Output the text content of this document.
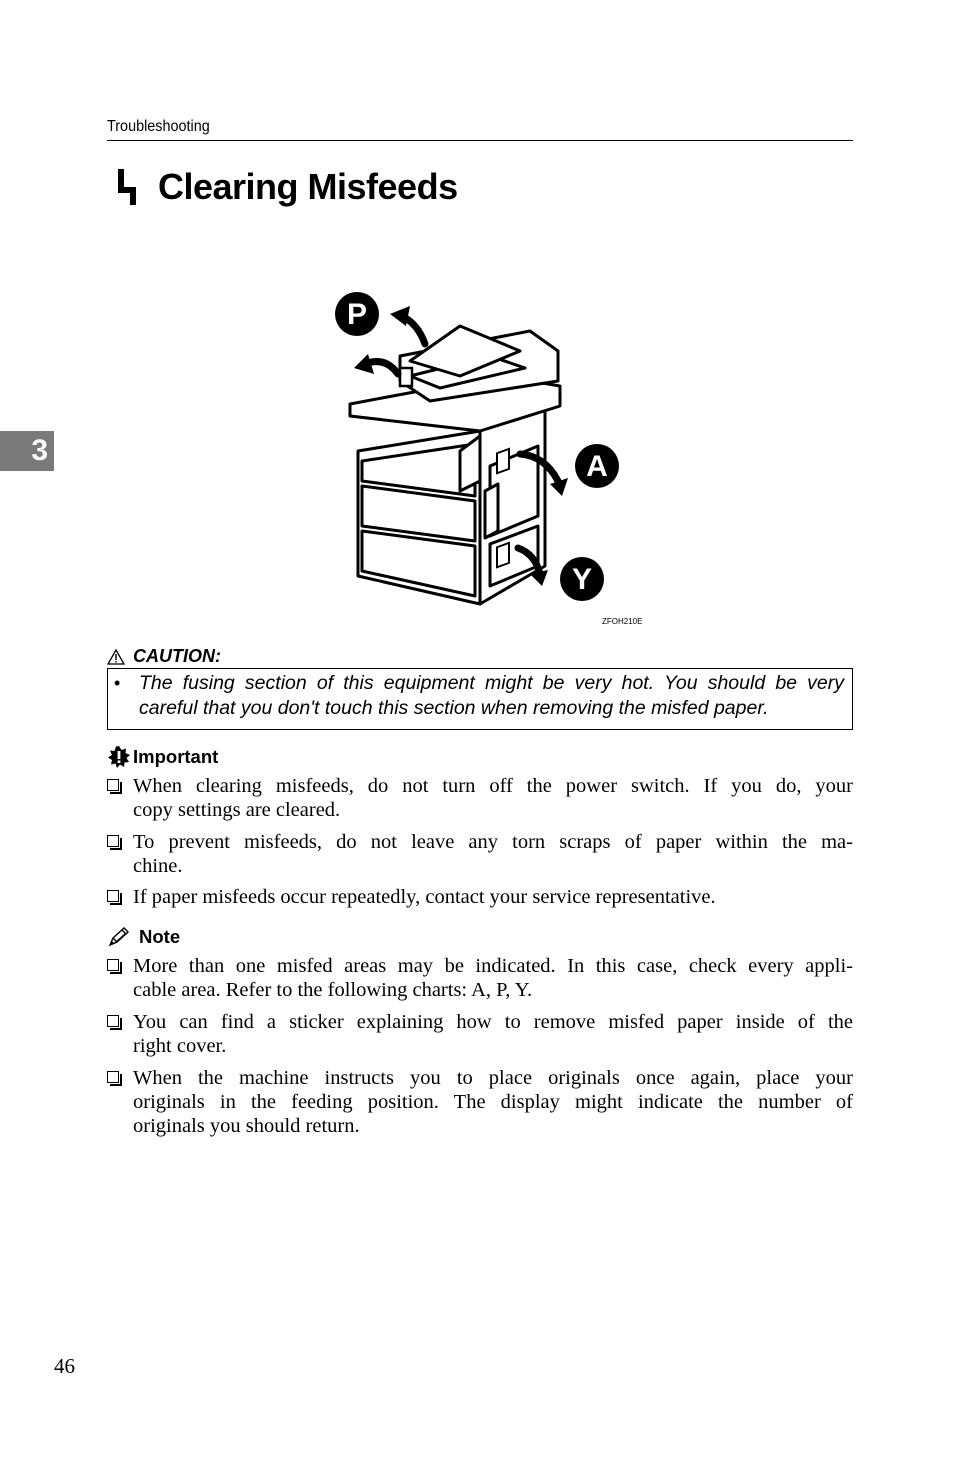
Troubleshooting
Clearing Misfeeds
3
P
A
Y
ZFOH210E
CAUTION:
• The fusing section of this equipment might be very hot. You should be very careful that you don't touch this section when removing the misfed paper.
Important
When clearing misfeeds, do not turn off the power switch. If you do, your
copy settings are cleared.
To prevent misfeeds, do not leave any torn scraps of paper within the ma-
chine.
If paper misfeeds occur repeatedly, contact your service representative.
Note
More than one misfed areas may be indicated. In this case, check every appli-
cable area. Refer to the following charts: A, P, Y.
You can find a sticker explaining how to remove misfed paper inside of the
right cover.
When the machine instructs you to place originals once again, place your
originals in the feeding position. The display might indicate the number of
originals you should return.
46
